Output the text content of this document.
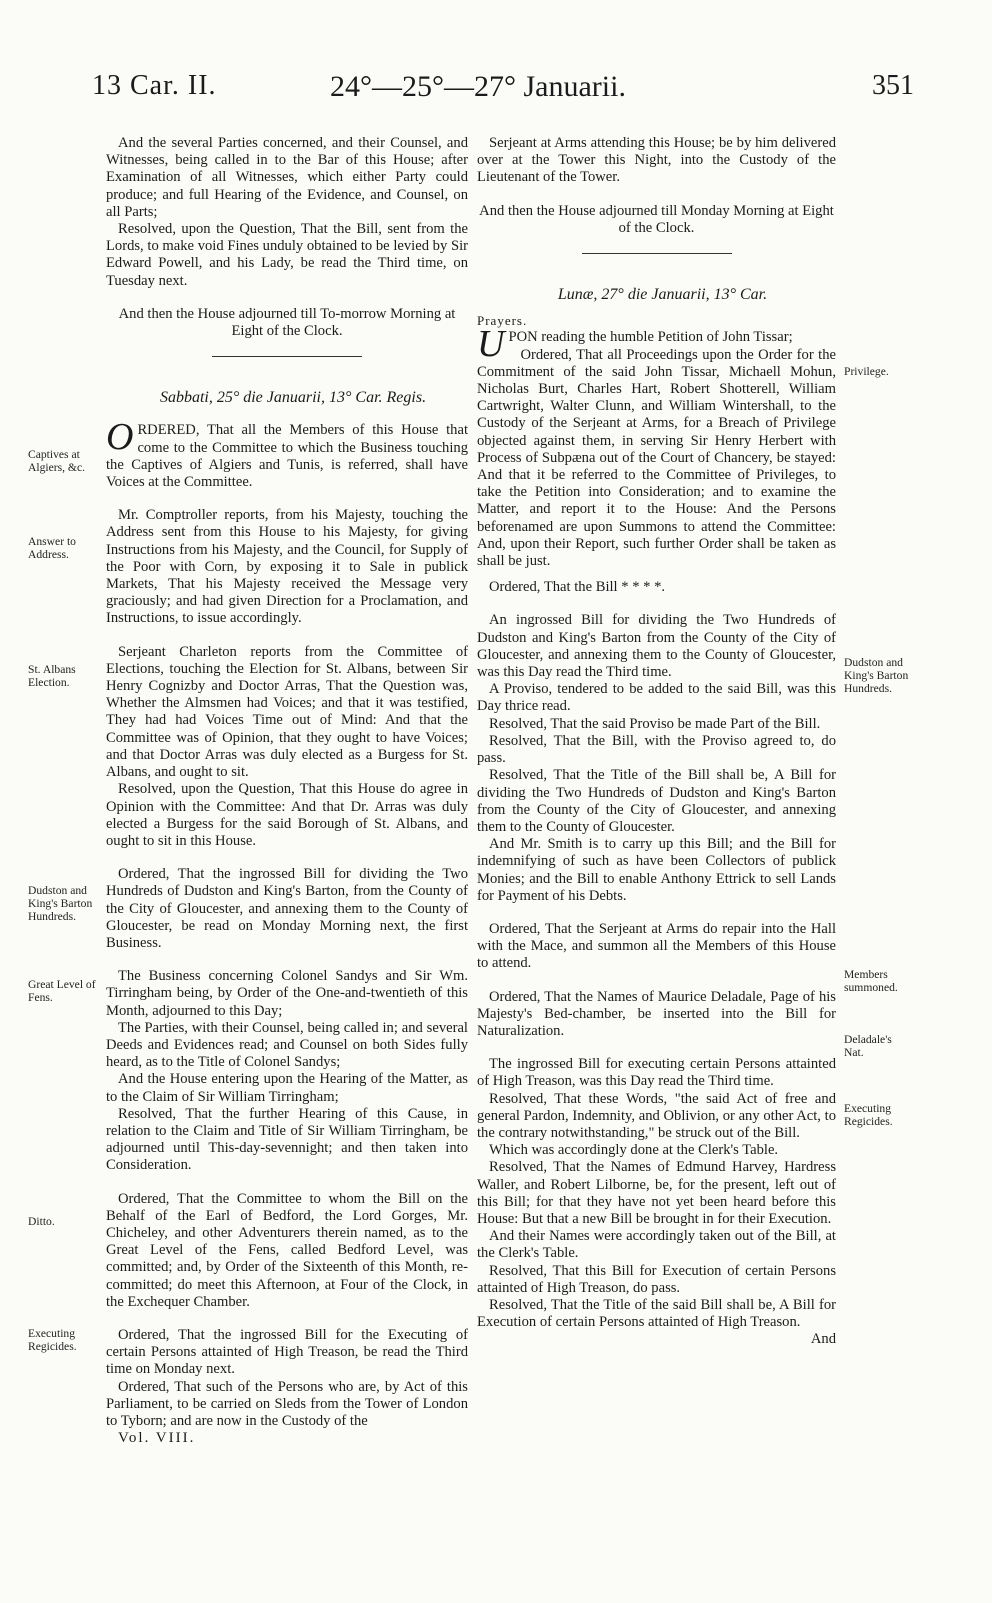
13 Car. II.	24°—25°—27° Januarii.	351
Captives at Algiers, &c.
Answer to Address.
St. Albans Election.
Dudston and King's Barton Hundreds.
Great Level of Fens.
Ditto.
Executing Regicides.
Privilege.
Dudston and King's Barton Hundreds.
Members summoned.
Deladale's Nat.
Executing Regicides.

And the several Parties concerned, and their Counsel, and Witnesses, being called in to the Bar of this House; after Examination of all Witnesses, which either Party could produce; and full Hearing of the Evidence, and Counsel, on all Parts;

Resolved, upon the Question, That the Bill, sent from the Lords, to make void Fines unduly obtained to be levied by Sir Edward Powell, and his Lady, be read the Third time, on Tuesday next.

And then the House adjourned till To-morrow Morning at Eight of the Clock.

Sabbati, 25° die Januarii, 13° Car. Regis.

ORDERED, That all the Members of this House that come to the Committee to which the Business touching the Captives of Algiers and Tunis, is referred, shall have Voices at the Committee.

Mr. Comptroller reports, from his Majesty, touching the Address sent from this House to his Majesty, for giving Instructions from his Majesty, and the Council, for Supply of the Poor with Corn, by exposing it to Sale in publick Markets, That his Majesty received the Message very graciously; and had given Direction for a Proclamation, and Instructions, to issue accordingly.

Serjeant Charleton reports from the Committee of Elections, touching the Election for St. Albans, between Sir Henry Cognizby and Doctor Arras, That the Question was, Whether the Almsmen had Voices; and that it was testified, They had had Voices Time out of Mind: And that the Committee was of Opinion, that they ought to have Voices; and that Doctor Arras was duly elected as a Burgess for St. Albans, and ought to sit.

Resolved, upon the Question, That this House do agree in Opinion with the Committee: And that Dr. Arras was duly elected a Burgess for the said Borough of St. Albans, and ought to sit in this House.

Ordered, That the ingrossed Bill for dividing the Two Hundreds of Dudston and King's Barton, from the County of the City of Gloucester, and annexing them to the County of Gloucester, be read on Monday Morning next, the first Business.

The Business concerning Colonel Sandys and Sir Wm. Tirringham being, by Order of the One-and-twentieth of this Month, adjourned to this Day;

The Parties, with their Counsel, being called in; and several Deeds and Evidences read; and Counsel on both Sides fully heard, as to the Title of Colonel Sandys;

And the House entering upon the Hearing of the Matter, as to the Claim of Sir William Tirringham;

Resolved, That the further Hearing of this Cause, in relation to the Claim and Title of Sir William Tirringham, be adjourned until This-day-sevennight; and then taken into Consideration.

Ordered, That the Committee to whom the Bill on the Behalf of the Earl of Bedford, the Lord Gorges, Mr. Chicheley, and other Adventurers therein named, as to the Great Level of the Fens, called Bedford Level, was committed; and, by Order of the Sixteenth of this Month, re-committed; do meet this Afternoon, at Four of the Clock, in the Exchequer Chamber.

Ordered, That the ingrossed Bill for the Executing of certain Persons attainted of High Treason, be read the Third time on Monday next.

Ordered, That such of the Persons who are, by Act of this Parliament, to be carried on Sleds from the Tower of London to Tyborn; and are now in the Custody of the

Vol. VIII.

Serjeant at Arms attending this House; be by him delivered over at the Tower this Night, into the Custody of the Lieutenant of the Tower.

And then the House adjourned till Monday Morning at Eight of the Clock.

Lunæ, 27° die Januarii, 13° Car.

Prayers.

UPON reading the humble Petition of John Tissar;

Ordered, That all Proceedings upon the Order for the Commitment of the said John Tissar, Michaell Mohun, Nicholas Burt, Charles Hart, Robert Shotterell, William Cartwright, Walter Clunn, and William Wintershall, to the Custody of the Serjeant at Arms, for a Breach of Privilege objected against them, in serving Sir Henry Herbert with Process of Subpæna out of the Court of Chancery, be stayed: And that it be referred to the Committee of Privileges, to take the Petition into Consideration; and to examine the Matter, and report it to the House: And the Persons beforenamed are upon Summons to attend the Committee: And, upon their Report, such further Order shall be taken as shall be just.

Ordered, That the Bill * * * *.

An ingrossed Bill for dividing the Two Hundreds of Dudston and King's Barton from the County of the City of Gloucester, and annexing them to the County of Gloucester, was this Day read the Third time.

A Proviso, tendered to be added to the said Bill, was this Day thrice read.

Resolved, That the said Proviso be made Part of the Bill.

Resolved, That the Bill, with the Proviso agreed to, do pass.

Resolved, That the Title of the Bill shall be, A Bill for dividing the Two Hundreds of Dudston and King's Barton from the County of the City of Gloucester, and annexing them to the County of Gloucester.

And Mr. Smith is to carry up this Bill; and the Bill for indemnifying of such as have been Collectors of publick Monies; and the Bill to enable Anthony Ettrick to sell Lands for Payment of his Debts.

Ordered, That the Serjeant at Arms do repair into the Hall with the Mace, and summon all the Members of this House to attend.

Ordered, That the Names of Maurice Deladale, Page of his Majesty's Bed-chamber, be inserted into the Bill for Naturalization.

The ingrossed Bill for executing certain Persons attainted of High Treason, was this Day read the Third time.

Resolved, That these Words, "the said Act of free and general Pardon, Indemnity, and Oblivion, or any other Act, to the contrary notwithstanding," be struck out of the Bill.

Which was accordingly done at the Clerk's Table.

Resolved, That the Names of Edmund Harvey, Hardress Waller, and Robert Lilborne, be, for the present, left out of this Bill; for that they have not yet been heard before this House: But that a new Bill be brought in for their Execution.

And their Names were accordingly taken out of the Bill, at the Clerk's Table.

Resolved, That this Bill for Execution of certain Persons attainted of High Treason, do pass.

Resolved, That the Title of the said Bill shall be, A Bill for Execution of certain Persons attainted of High Treason.

And
